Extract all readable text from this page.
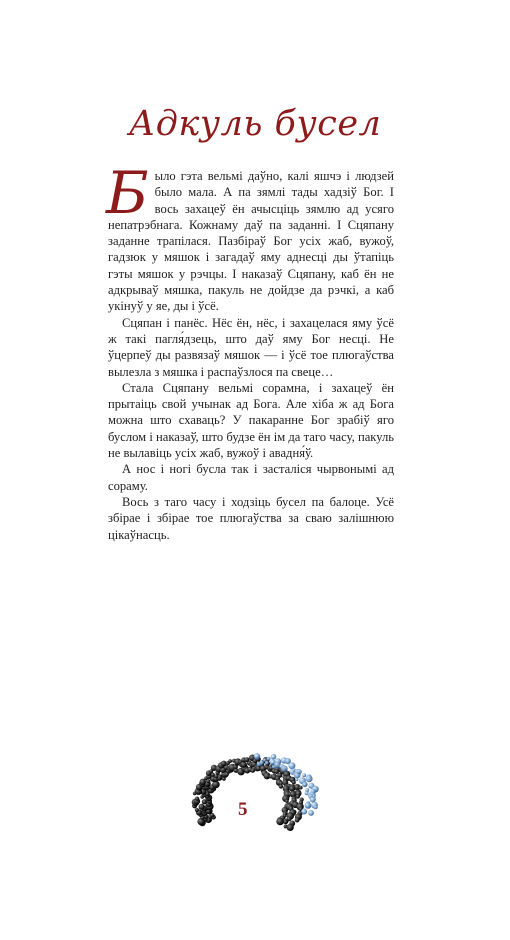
Адкуль бусел

Было гэта вельмі даўно, калі яшчэ і людзей было мала. А па зямлі тады хадзіў Бог. І вось захацеў ён ачысціць зямлю ад усяго непатрэбнага. Кожнаму даў па заданні. І Сцяпану заданне трапілася. Пазбіраў Бог усіх жаб, вужоў, гадзюк у мяшок і загадаў яму аднесці ды ўтапіць гэты мяшок у рэчцы. І наказаў Сцяпану, каб ён не адкрываў мяшка, пакуль не дойдзе да рэчкі, а каб укінуў у яе, ды і ўсё.

Сцяпан і панёс. Нёс ён, нёс, і захацелася яму ўсё ж такі пагля́дзець, што даў яму Бог несці. Не ўцерпеў ды развязаў мяшок — і ўсё тое плюгаўства вылезла з мяшка і распаўзлося па свеце…

Стала Сцяпану вельмі сорамна, і захацеў ён прытаіць свой учынак ад Бога. Але хіба ж ад Бога можна што схаваць? У пакаранне Бог зрабіў яго буслом і наказаў, што будзе ён ім да таго часу, пакуль не вылавіць усіх жаб, вужоў і авадня́ў.

А нос і ногі бусла так і засталіся чырвонымі ад сораму.

Вось з таго часу і ходзіць бусел па балоце. Усё збірае і збірае тое плюгаўства за сваю залішнюю цікаўнасць.

5
